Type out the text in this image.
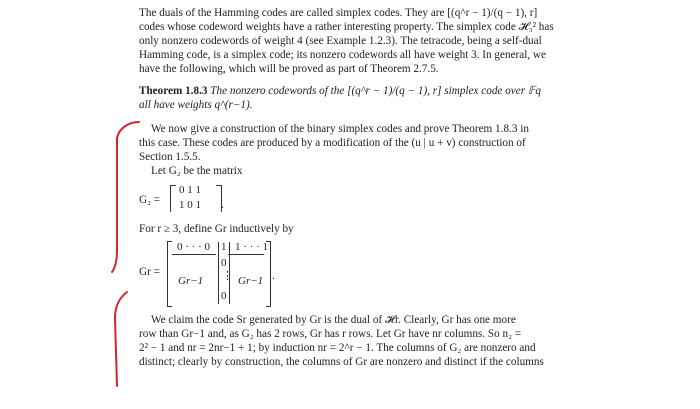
The duals of the Hamming codes are called simplex codes. They are [(q^r − 1)/(q − 1), r]
codes whose codeword weights have a rather interesting property. The simplex code 𝓗₃² has
only nonzero codewords of weight 4 (see Example 1.2.3). The tetracode, being a self-dual
Hamming code, is a simplex code; its nonzero codewords all have weight 3. In general, we
have the following, which will be proved as part of Theorem 2.7.5.
Theorem 1.8.3 The nonzero codewords of the [(q^r − 1)/(q − 1), r] simplex code over 𝔽q
all have weights q^(r−1).
We now give a construction of the binary simplex codes and prove Theorem 1.8.3 in
this case. These codes are produced by a modification of the (u | u + v) construction of
Section 1.5.5.
Let G₂ be the matrix
G₂ =
0 1 1
1 0 1 .
For r ≥ 3, define Gr inductively by
Gr =
0 · · · 0 1 1 · · · 1
0
⋮
0
Gr−1	Gr−1 .
We claim the code Sr generated by Gr is the dual of 𝓗r. Clearly, Gr has one more
row than Gr−1 and, as G₂ has 2 rows, Gr has r rows. Let Gr have nr columns. So n₂ =
2² − 1 and nr = 2nr−1 + 1; by induction nr = 2^r − 1. The columns of G₂ are nonzero and
distinct; clearly by construction, the columns of Gr are nonzero and distinct if the columns
